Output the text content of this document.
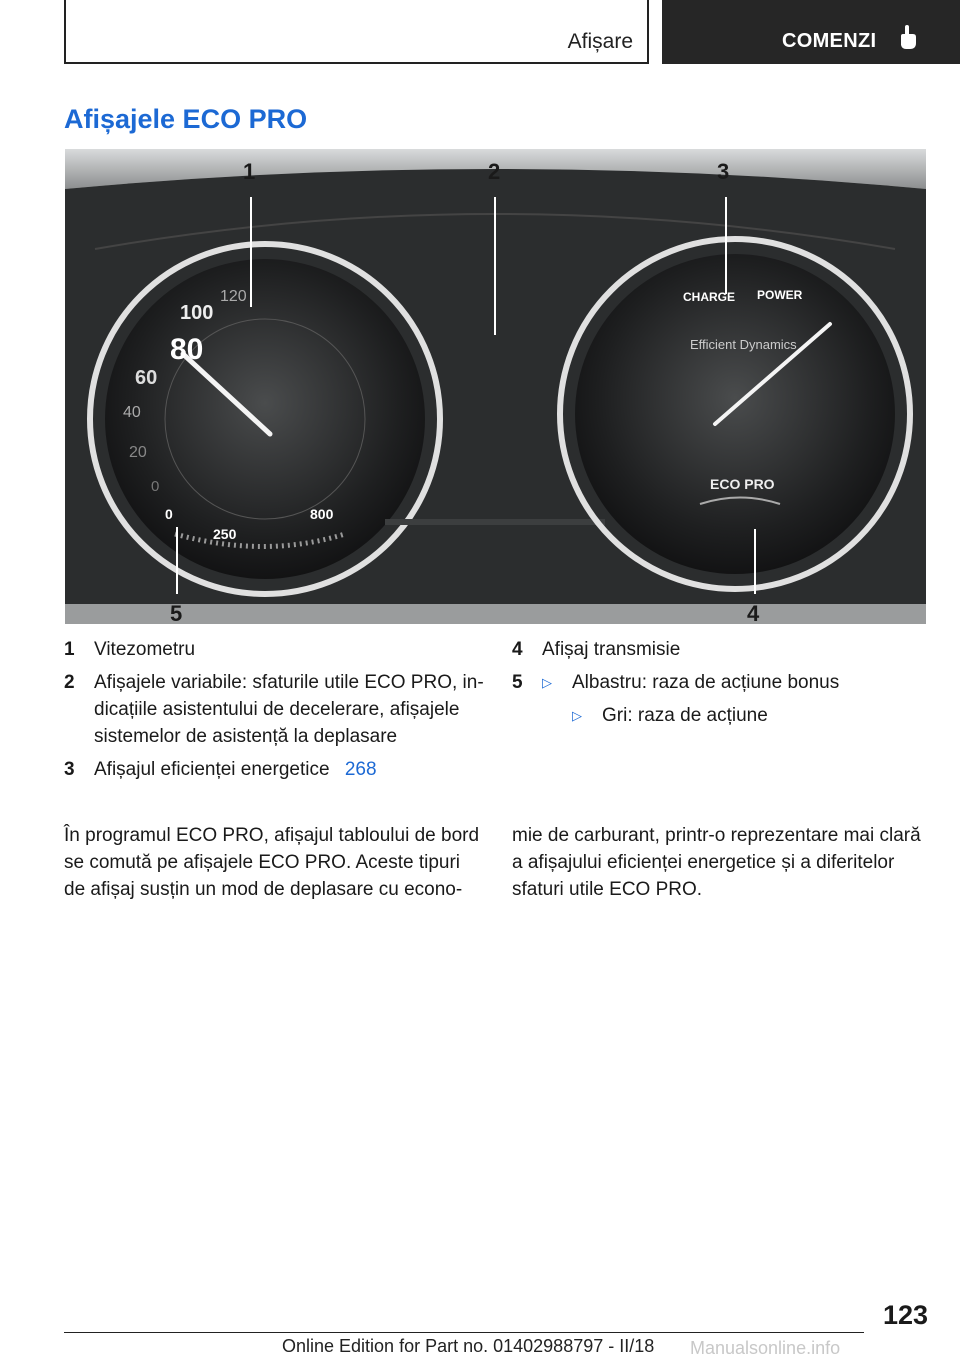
Afișare	COMENZI
Afișajele ECO PRO
80
100
120
60
40
20
0
0
250
800
CHARGE POWER
Efficient Dynamics
ECO PRO
1	2	3
4
5
1 Vitezometru
2 Afișajele variabile: sfaturile utile ECO PRO, in-dicațiile asistentului de decelerare, afișajele sistemelor de asistență la deplasare
3 Afișajul eficienței energetice 268
4 Afișaj transmisie
5 ▷ Albastru: raza de acțiune bonus
▷ Gri: raza de acțiune

În programul ECO PRO, afișajul tabloului de bord se comută pe afișajele ECO PRO. Aceste tipuri de afișaj susțin un mod de deplasare cu econo-

mie de carburant, printr-o reprezentare mai clară a afișajului eficienței energetice și a diferitelor sfaturi utile ECO PRO.

123
Online Edition for Part no. 01402988797 - II/18 Manualsonline.info
